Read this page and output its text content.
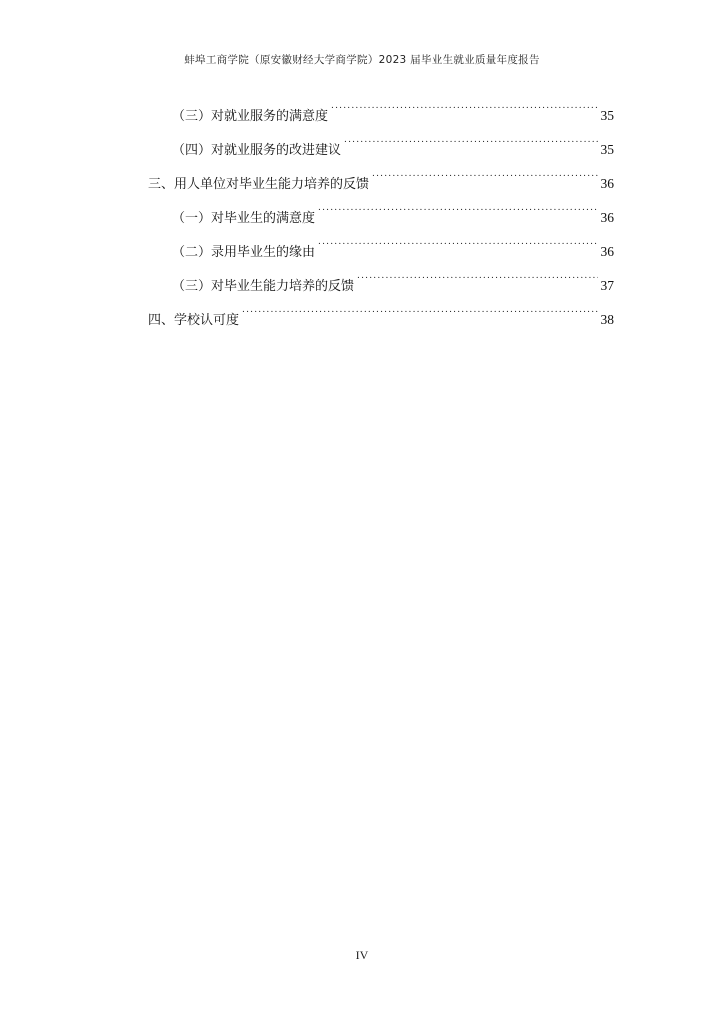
蚌埠工商学院（原安徽财经大学商学院）2023 届毕业生就业质量年度报告
（三）对就业服务的满意度 .....	35
（四）对就业服务的改进建议 .....	35
三、用人单位对毕业生能力培养的反馈 .....	36
（一）对毕业生的满意度 .....	36
（二）录用毕业生的缘由 .....	36
（三）对毕业生能力培养的反馈 .....	37
四、学校认可度 .....	38
IV
